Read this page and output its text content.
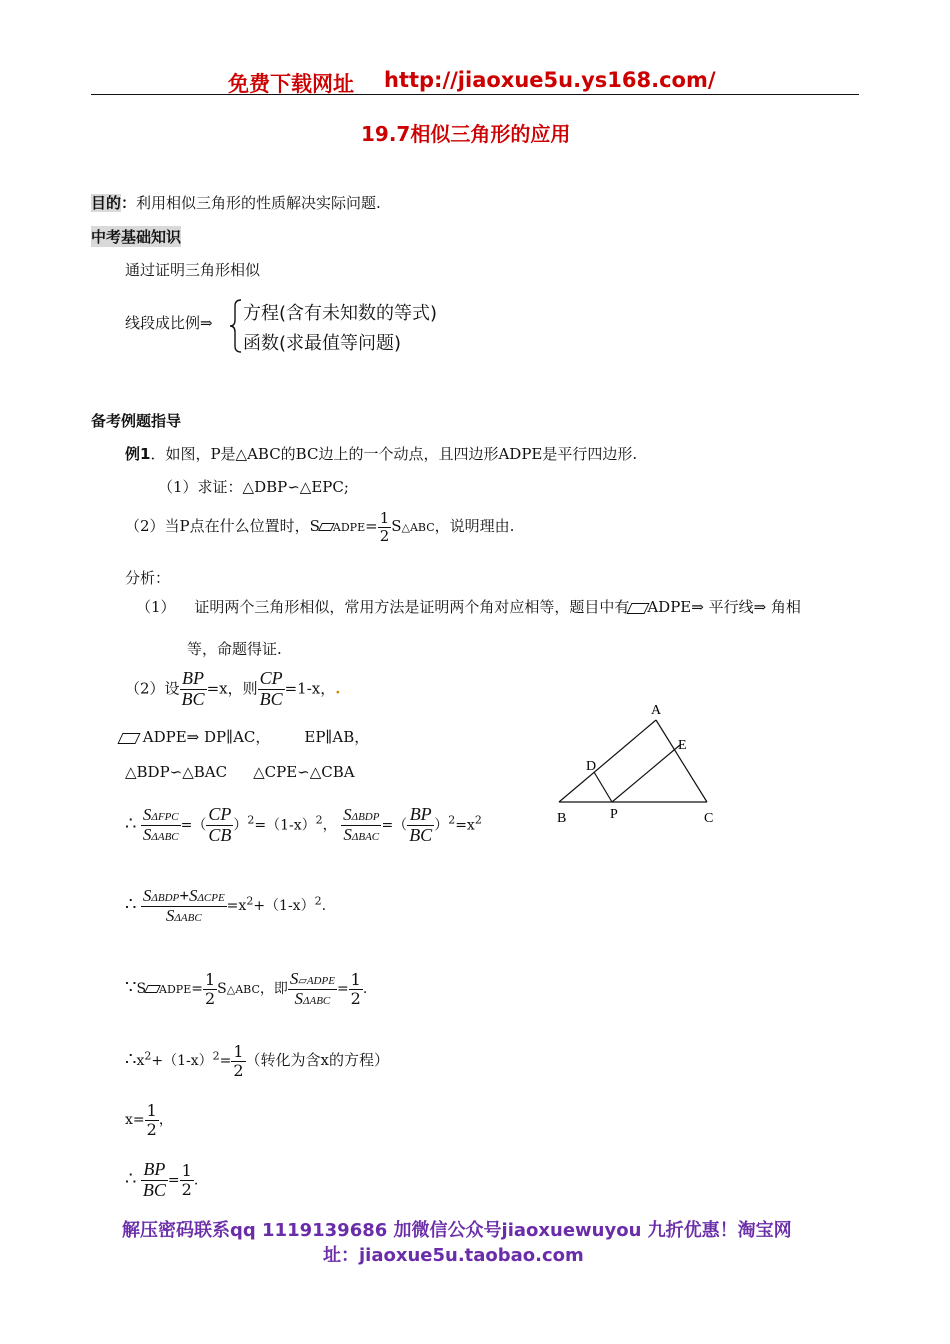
免费下载网址 http://jiaoxue5u.ys168.com/
19.7相似三角形的应用
目的：利用相似三角形的性质解决实际问题.
中考基础知识
通过证明三角形相似
线段成比例⇒ 方程(含有未知数的等式)
函数(求最值等问题)
备考例题指导
例1．如图，P是△ABC的BC边上的一个动点，且四边形ADPE是平行四边形.
（1）求证：△DBP∽△EPC;
（2）当P点在什么位置时，S ADPE= $\frac{1}{2}$ S△ABC，说明理由.
分析：
（1） 证明两个三角形相似，常用方法是证明两个角对应相等，题目中有 ADPE⇒ 平行线⇒ 角相
等，命题得证.
（2）设 $\frac{BP}{BC} =x$，则 $\frac{CP}{BC} =1-x$，.
ADPE⇒ DP∥AC， EP∥AB，
△BDP∽△BAC △CPE∽△CBA
A
E
D
B	P	C
∴ $\frac{\text{SΔFPC}}{\text{SΔABC}}$ =（ $\frac{CP}{CB} )^2=(1-x)^2$， $\frac{\text{SΔBDP}}{\text{SΔBAC}}$ =（ $\frac{BP}{BC} )^2=x^2$
∴ $\frac{\text{SΔBDP+SΔCPE}}{\text{SΔABC}} =x^2+(1-x)^2$.
∵S ADPE= $\frac{1}{2}$ S△ABC，即 $\frac{\text{S▱ADPE}}{\text{SΔABC}} = \frac{1}{2}$ .
$\therefore x^2+(1-x)^2= \frac{1}{2}$ （转化为含x的方程）
$x= \frac{1}{2}$ ，
∴ $\frac{BP}{BC} = \frac{1}{2}$ .
解压密码联系qq 1119139686 加微信公众号jiaoxuewuyou 九折优惠！淘宝网
址：jiaoxue5u.taobao.com
